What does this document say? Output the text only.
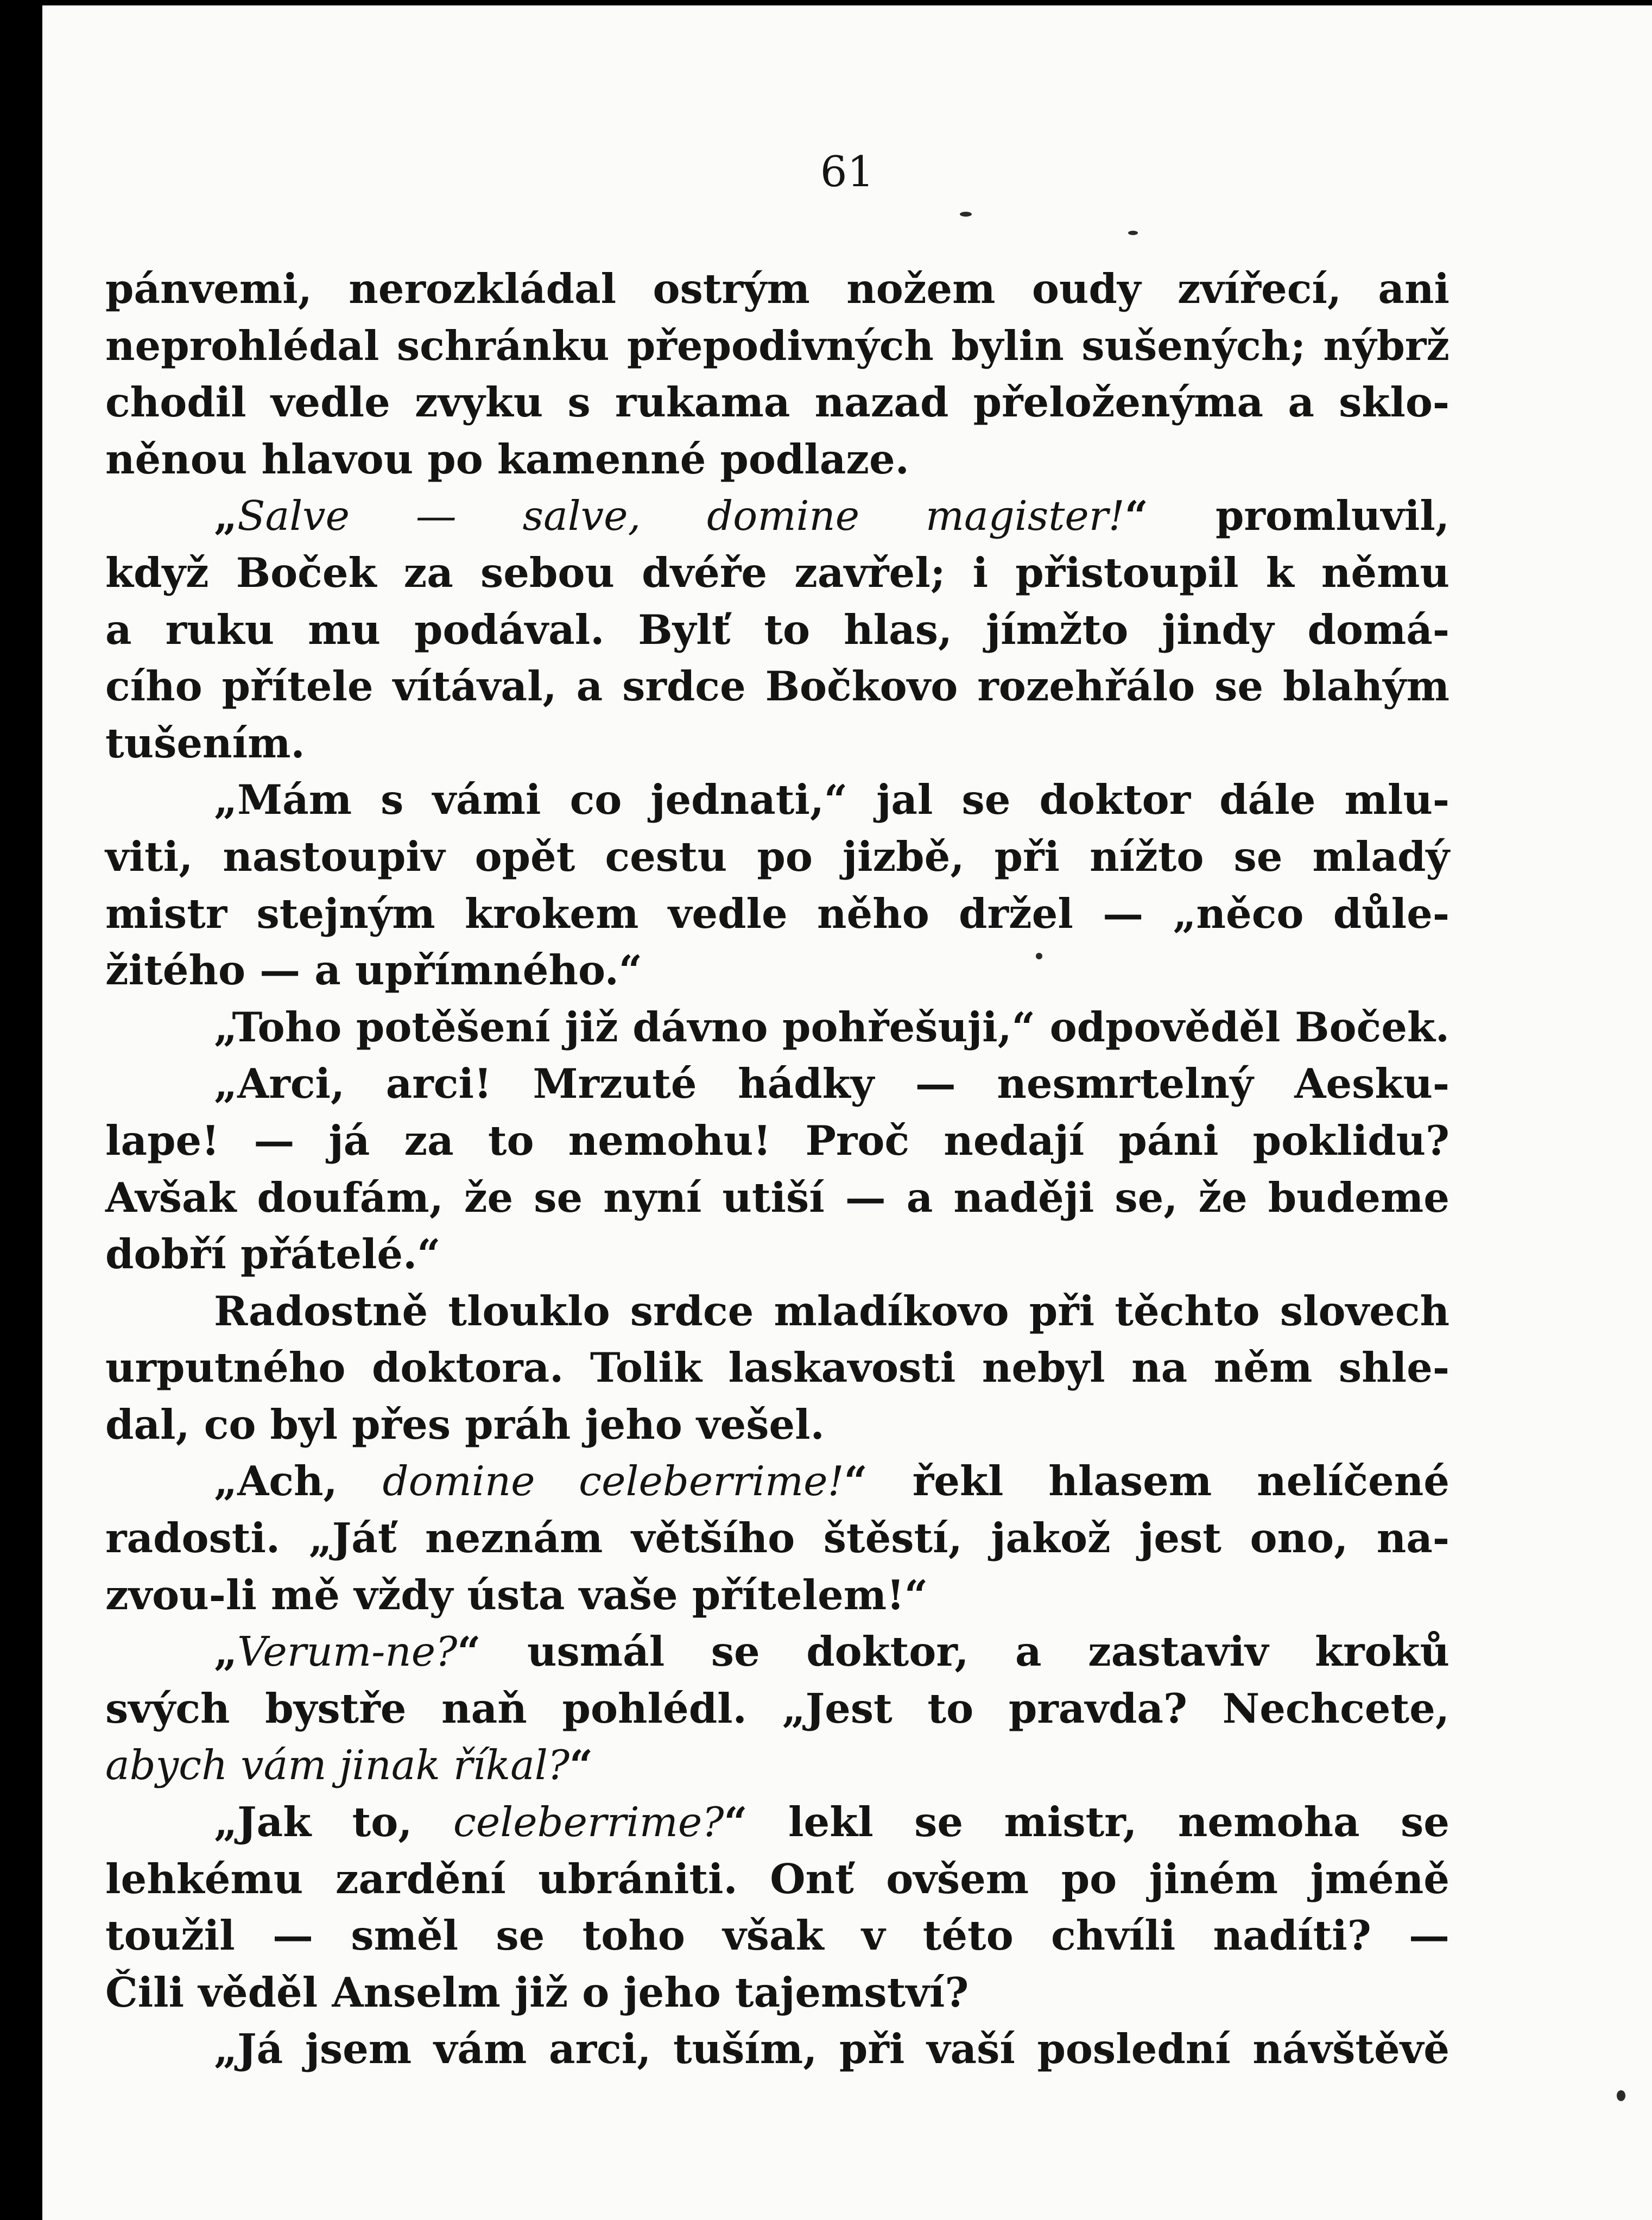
61
pánvemi, nerozkládal ostrým nožem oudy zvířecí, ani
neprohlédal schránku přepodivných bylin sušených; nýbrž
chodil vedle zvyku s rukama nazad přeloženýma a sklo-
něnou hlavou po kamenné podlaze.
„Salve — salve, domine magister!“ promluvil,
když Boček za sebou dvéře zavřel; i přistoupil k němu
a ruku mu podával. Bylť to hlas, jímžto jindy domá-
cího přítele vítával, a srdce Bočkovo rozehřálo se blahým
tušením.
„Mám s vámi co jednati,“ jal se doktor dále mlu-
viti, nastoupiv opět cestu po jizbě, při nížto se mladý
mistr stejným krokem vedle něho držel — „něco důle-
žitého — a upřímného.“
„Toho potěšení již dávno pohřešuji,“ odpověděl Boček.
„Arci, arci! Mrzuté hádky — nesmrtelný Aesku-
lape! — já za to nemohu! Proč nedají páni poklidu?
Avšak doufám, že se nyní utiší — a naději se, že budeme
dobří přátelé.“
Radostně tlouklo srdce mladíkovo při těchto slovech
urputného doktora. Tolik laskavosti nebyl na něm shle-
dal, co byl přes práh jeho vešel.
„Ach, domine celeberrime!“ řekl hlasem nelíčené
radosti. „Jáť neznám většího štěstí, jakož jest ono, na-
zvou-li mě vždy ústa vaše přítelem!“
„Verum-ne?“ usmál se doktor, a zastaviv kroků
svých bystře naň pohlédl. „Jest to pravda? Nechcete,
abych vám jinak říkal?“
„Jak to, celeberrime?“ lekl se mistr, nemoha se
lehkému zardění ubrániti. Onť ovšem po jiném jméně
toužil — směl se toho však v této chvíli nadíti? —
Čili věděl Anselm již o jeho tajemství?
„Já jsem vám arci, tuším, při vaší poslední návštěvě
